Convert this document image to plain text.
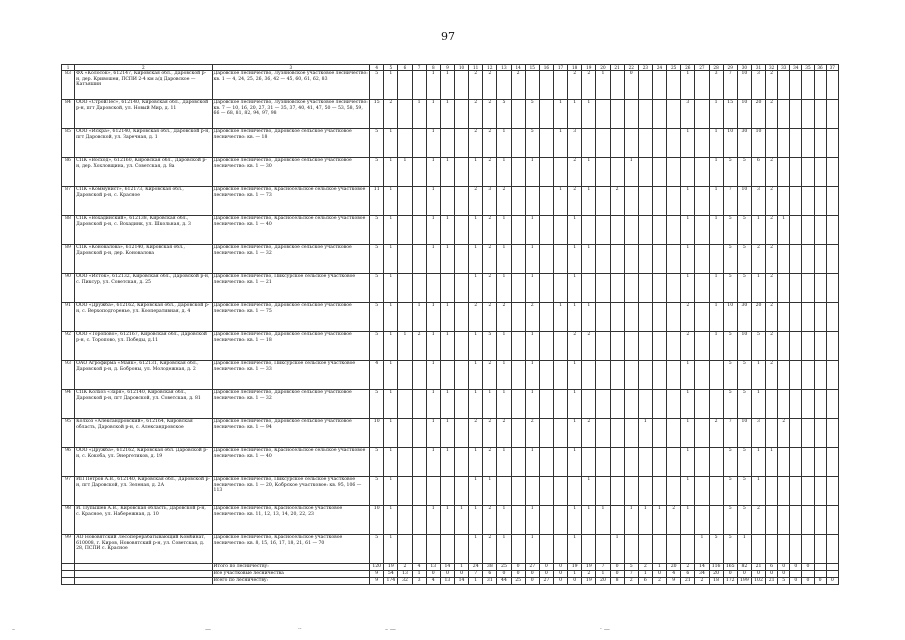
97
1	2	3	4	5	6	7	8	9	10	11	12	13	14	15	16	17	18	19	20	21	22	23	24	25	26	27	28	29	30	31	32	33	34	35	36	37
83	ФХ «Колосок», 612147, Кировская обл., Даровской р-н, дер. Кривошеи, ПСПИ 2-4 км а/д Даровское — Катъяшин	Даровское лесничество, Лузяновское участковое лесничество: кв. 1 — 4, 24, 25, 26, 36, 42 — 45, 60, 61, 62, 83	5	1			1	1		2	2		2				2	2	1		0				1		3	7	10	3	2					
84	ООО «СтройЛес», 612140, Кировская обл., Даровской р-н, пгт Даровской, ул. Новый Мир, д. 11	Даровское лесничество, Лузяновское участковое лесничество: кв. 7 — 10, 16, 20, 27, 31 — 35, 37, 40, 41, 47, 50 — 53, 58, 59, 66 — 68, 81, 82, 94, 97, 98	15	2		1	1	1		2	2	5		5		1	1	1							3		1	15	10	20	2					
85	ООО «Искра», 612140, Кировская обл., Даровской р-н, пгт Даровской, ул. Заречная, д. 1	Даровское лесничество, Даровское сельское участковое лесничество: кв. — 18	5	1			1			2	2	1		5		1	3								1		1	10	30	10						
86	СПК «Восход», 612160, Кировская обл., Даровской р-н, дер. Хохловщина, ул. Советская, д. 8а	Даровское лесничество, Даровское сельское участковое лесничество: кв. 1 — 30	5	1	1		1	1		1	2	1		1			2	1			1						1	5	5	6	2					
87	СПК «Коммунист», 612173, Кировская обл., Даровской р-н, с. Красное	Даровское лесничество, Красносельское сельское участковое лесничество: кв. 1 — 73	11	1			1			2	3	2				1	2	1		2					1		1	7	10	3	2					
88	СПК «Вохадинский», 612138, Кировская обл., Даровской р-н, с. Вохадинк, ул. Школьная, д. 3	Даровское лесничество, Красносельское сельское участковое лесничество: кв. 1 — 40	5	1			1	1		1	2	1		1			1								1		1	5	5	1	2	1				
89	СПК «Коновалова», 612140, Кировская обл., Даровской р-н, дер. Коновалова	Даровское лесничество, Даровское сельское участковое лесничество: кв. 1 — 32	5	1			1	1		1	2	1		1			1	1							1			5	5	2	2					
90	ООО «Исток», 612132, Кировская обл., Даровской р-н, с. Пиксур, ул. Советская, д. 25	Даровское лесничество, Пиксурское сельское участковое лесничество: кв. 1 — 21	5	1						1	2	1		1			1								1		1	5	5	1	2					
91	ООО «Дружба», 612162, Кировская обл., Даровской р-н, с. Верхоподгоренье, ул. Кооперативная, д. 4	Даровское лесничество, Даровское сельское участковое лесничество: кв. 1 — 75	5	1		1	1	1		2	2	2		2		1	1	1							2		1	10	30	20	2					
92	ООО «Торопово», 612167, Кировская обл., Даровской р-н, с. Торопово, ул. Победы, д.11	Даровское лесничество, Даровское сельское участковое лесничество: кв. 1 — 18	5	1	1	2	1	1		1	5	1		1			2	2							2		1	5	10	5	2					
93	ОАО Агрофирма «Маяк», 612131, Кировская обл., Даровской р-н, д. Боброны, ул. Молодежная, д. 2	Даровское лесничество, Пиксурское сельское участковое лесничество: кв. 1 — 33	4	1			1			1	2	1		1			1								1			5	5	1	2					
94	СПК Колхоз «Заря», 612140, Кировская обл., Даровской р-н, пгт Даровской, ул. Советская, д. 81	Даровское лесничество, Даровское сельское участковое лесничество: кв. 1 — 32	5	1			1	1		1	1	1		1			1								1			5	5	1						
95	Колхоз «Александровский», 612164, Кировская область, Даровской р-н, с. Александровское	Даровское лесничество, Даровское сельское участковое лесничество: кв. 1 — 94	10	1			1	1		2	2	2		2			1	2				1			1		2	7	10	3		2				
96	ООО «Дружба», 612162, Кировская обл. Даровской р-н, с. Кокоба, ул. Энергетиков, д. 19	Даровское лесничество, Красносельское сельское участковое лесничество: кв. 1 — 40	5	1			1	1		1	2	1		1			1								1			5	5	1	1					
97	ИП Петров А.В., 612140, Кировская обл., Даровской р-н, пгт Даровской, ул. Зеленая, д. 2А	Даровское лесничество, Пиксурское сельское участковое лесничество: кв. 1 — 20, Кобрское участковое: кв. 95, 106 — 113	5	1						1	1							1							1			5	5	1						
98	И. Пупышев А.В., Кировская область, Даровской р-н, с. Красное, ул. Набережная, д. 10	Даровское лесничество, Красносельское участковое лесничество: кв. 11, 12, 13, 14, 20, 22, 23	10	1			1	1	1	1	2	1		1			1	1	1		1	1	1	2	1			5	5	2						
99	АО Нововятский Лесоперерабатывающий Комбинат, 610008, г. Киров, Нововятский р-н, ул. Советская, д. 28, ПСПИ с. Красное	Даровское лесничество, Красносельское участковое лесничество: кв. 8, 15, 16, 17, 18, 21, 61 — 70	5	1						1	2	1		1			1			1						1	5	5	1							
		Итого по лесничеству:	120	19	2	4	13	14	1	24	38	25	0	27	0	0	19	19	7	0	5	2	1	20	2	14	116	165	82	21	6	0	0	0		
		Все участковые лесничества	9	54	13	1	0	0	0	7	6	0	0	0	0	0	1	2	1	0	7	1	0	4	6	34	20	0	0	0	0	0				
		Всего по лесничеству:	9	174	32	3	4	13	14	1	31	44	25	0	27	0	0	19	20	8	2	6	2	9	21	2	18	172	199	102	21	5	0	0	0	0
–	—	··	– —	· —
